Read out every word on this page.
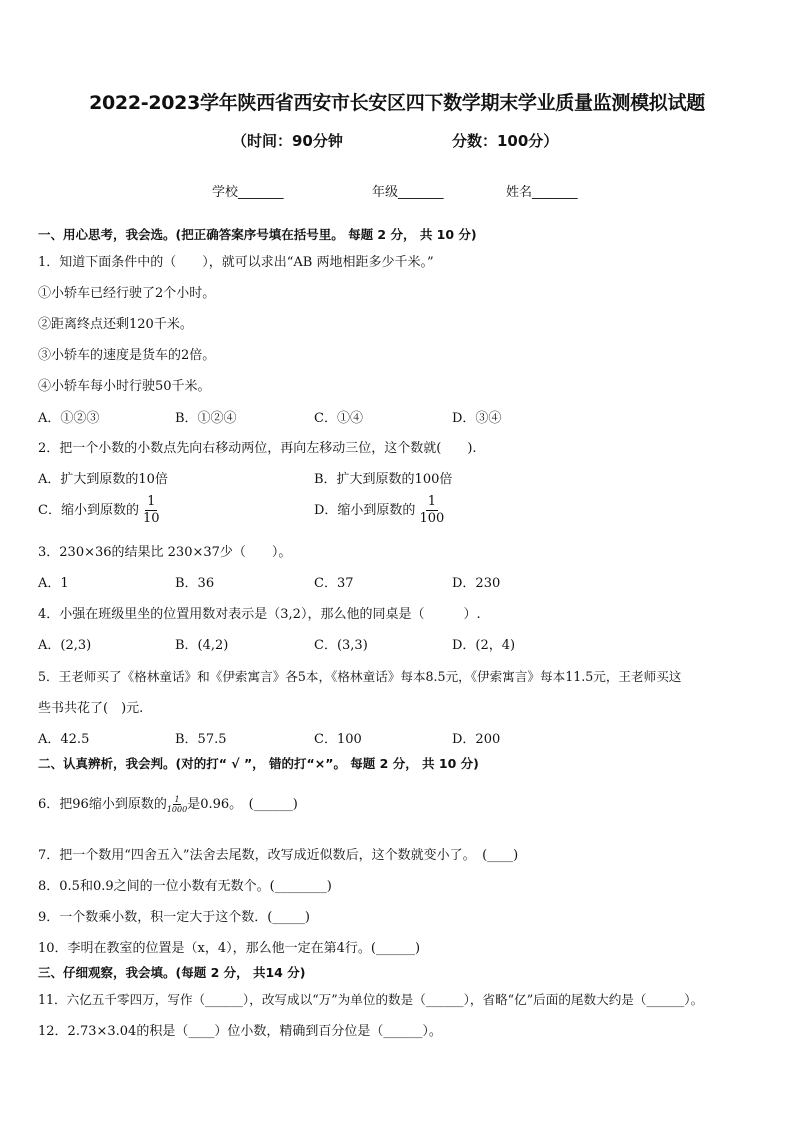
2022-2023学年陕西省西安市长安区四下数学期末学业质量监测模拟试题
（时间：90分钟	分数：100分）
学校_______	年级_______	姓名_______
一、用心思考，我会选。(把正确答案序号填在括号里。 每题 2 分， 共 10 分)
1．知道下面条件中的（　　），就可以求出“AB 两地相距多少千米。”
①小轿车已经行驶了2个小时。
②距离终点还剩120千米。
③小轿车的速度是货车的2倍。
④小轿车每小时行驶50千米。
A．①②③	B．①②④	C．①④	D．③④
2．把一个小数的小数点先向右移动两位，再向左移动三位，这个数就(　　).
A．扩大到原数的10倍	B．扩大到原数的100倍
C．缩小到原数的 $\frac{1}{10}$	D．缩小到原数的 $\frac{1}{100}$
3．230×36的结果比 230×37少（　　）。
A．1	B．36	C．37	D．230
4．小强在班级里坐的位置用数对表示是（3,2），那么他的同桌是（　　　）.
A．(2,3)	B．(4,2)	C．(3,3)	D．(2，4)
5．王老师买了《格林童话》和《伊索寓言》各5本，《格林童话》每本8.5元，《伊索寓言》每本11.5元，王老师买这
些书共花了(　)元.
A．42.5	B．57.5	C．100	D．200
二、认真辨析，我会判。(对的打“ √ ”， 错的打“×”。 每题 2 分， 共 10 分)
6．把96缩小到原数的 $\frac{1}{1000}$ 是0.96。　(______)
7．把一个数用“四舍五入”法舍去尾数，改写成近似数后，这个数就变小了。　(____)
8．0.5和0.9之间的一位小数有无数个。(________)
9．一个数乘小数，积一定大于这个数．(_____)
10．李明在教室的位置是（x，4），那么他一定在第4行。(______)
三、仔细观察，我会填。(每题 2 分， 共14 分)
11．六亿五千零四万，写作（______），改写成以“万”为单位的数是（______），省略“亿”后面的尾数大约是（______）。
12．2.73×3.04的积是（____）位小数，精确到百分位是（______）。
